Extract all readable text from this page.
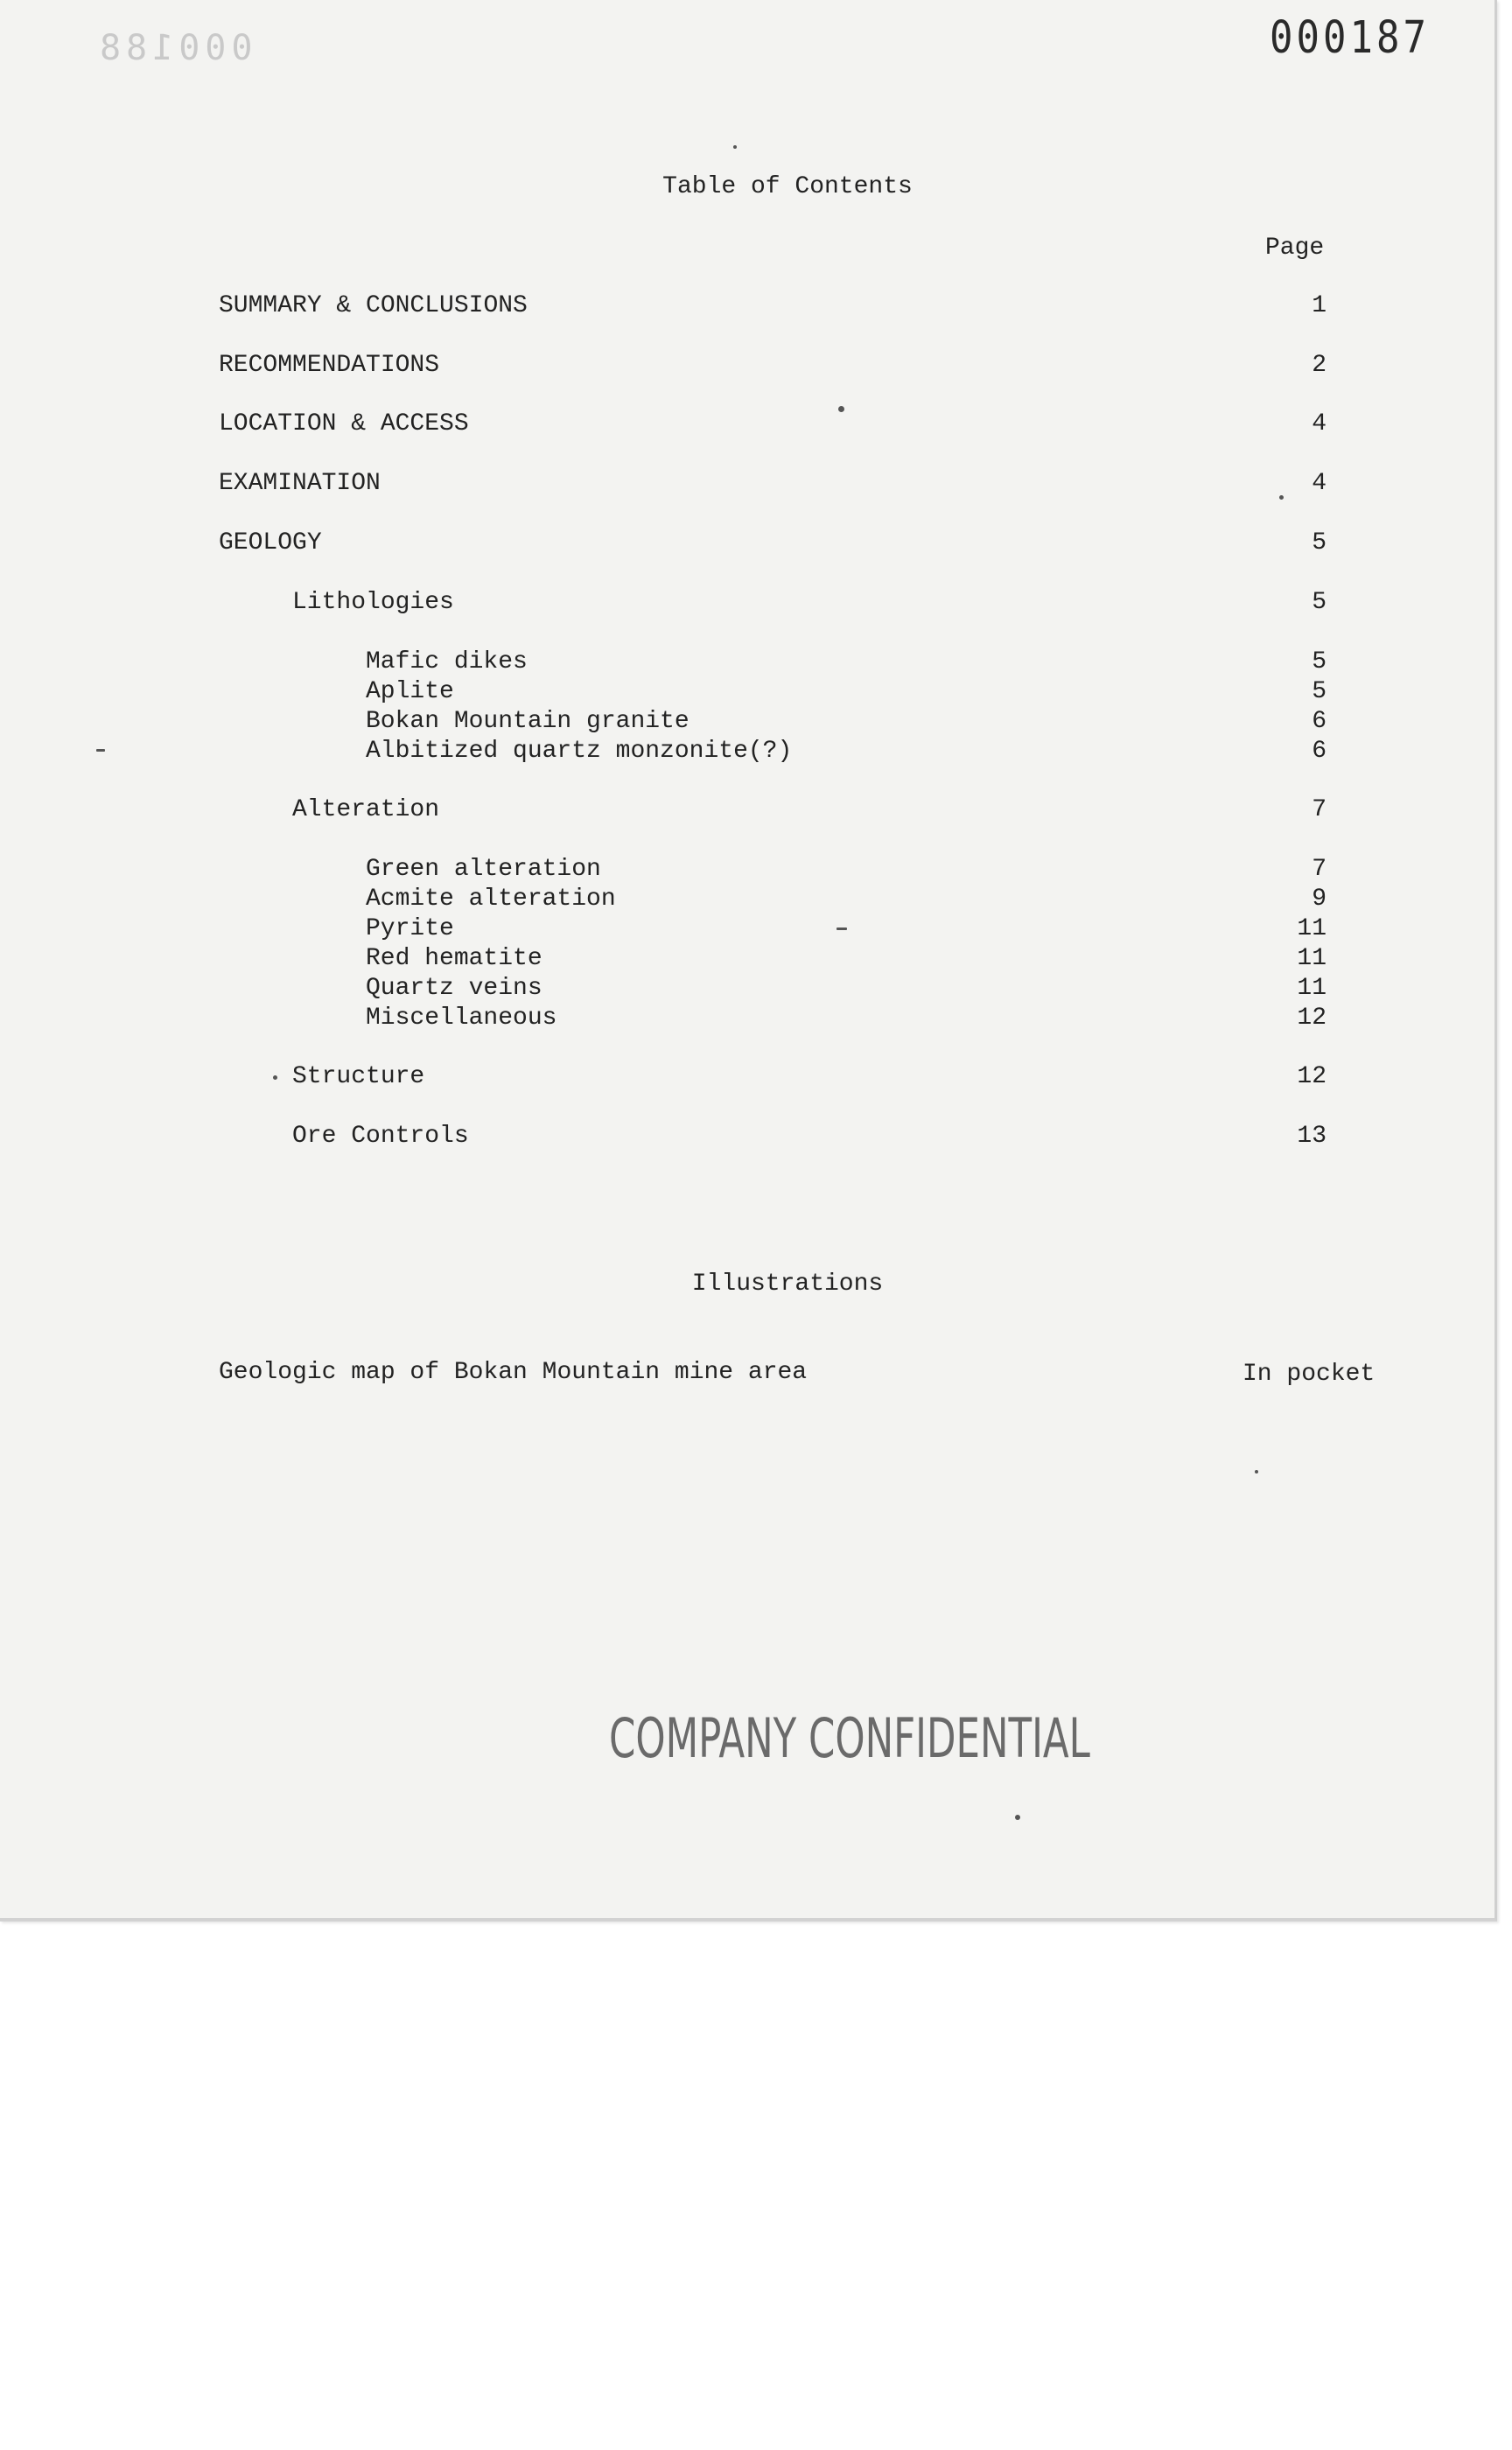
000188	000187
Table of Contents
Page
SUMMARY & CONCLUSIONS	1
RECOMMENDATIONS	2
LOCATION & ACCESS	4
EXAMINATION	4
GEOLOGY	5
Lithologies	5
Mafic dikes	5
Aplite	5
Bokan Mountain granite	6
Albitized quartz monzonite(?)	6
Alteration	7
Green alteration	7
Acmite alteration	9
Pyrite	11
Red hematite	11
Quartz veins	11
Miscellaneous	12
Structure	12
Ore Controls	13
Illustrations
Geologic map of Bokan Mountain mine area	In pocket
COMPANY CONFIDENTIAL
